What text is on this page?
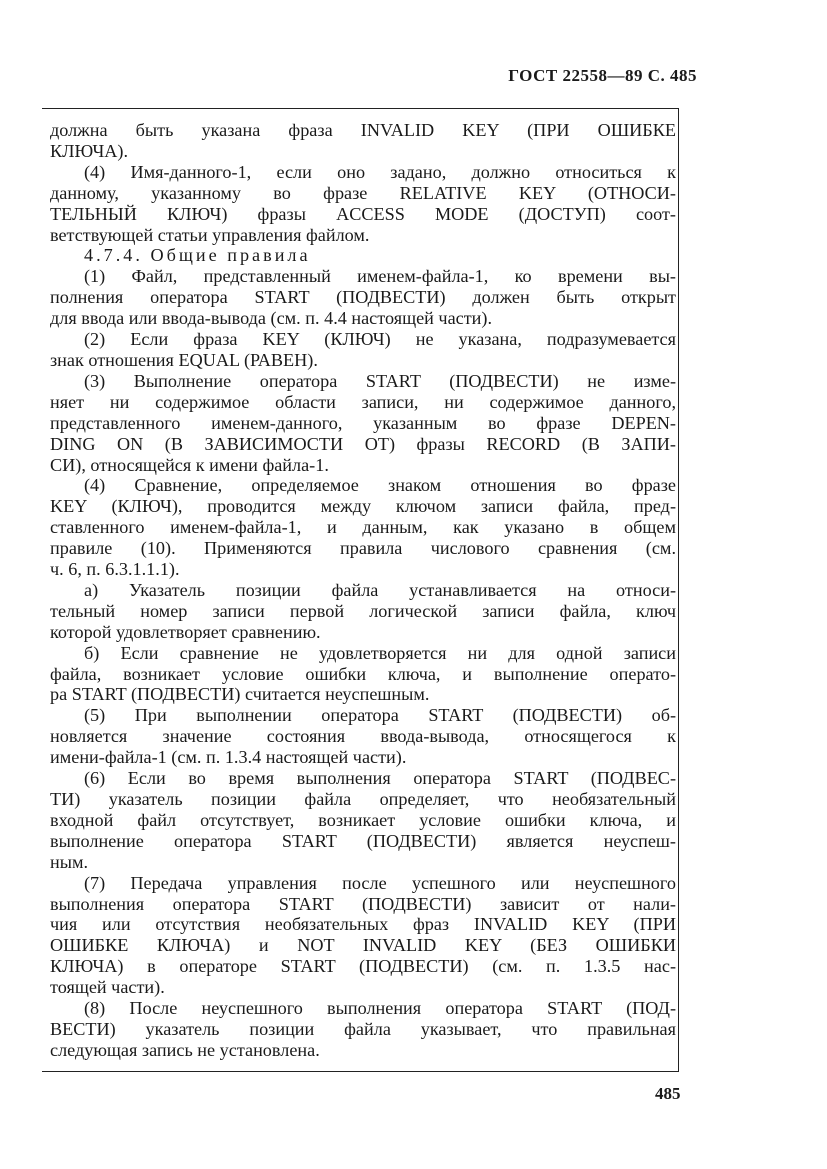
ГОСТ 22558—89 С. 485
должна быть указана фраза INVALID KEY (ПРИ ОШИБКЕ
КЛЮЧА).
(4) Имя-данного-1, если оно задано, должно относиться к
данному, указанному во фразе RELATIVE KEY (ОТНОСИ-
ТЕЛЬНЫЙ КЛЮЧ) фразы ACCESS MODE (ДОСТУП) соот-
ветствующей статьи управления файлом.
4.7.4. Общие правила
(1) Файл, представленный именем-файла-1, ко времени вы-
полнения оператора START (ПОДВЕСТИ) должен быть открыт
для ввода или ввода-вывода (см. п. 4.4 настоящей части).
(2) Если фраза KEY (КЛЮЧ) не указана, подразумевается
знак отношения EQUAL (РАВЕН).
(3) Выполнение оператора START (ПОДВЕСТИ) не изме-
няет ни содержимое области записи, ни содержимое данного,
представленного именем-данного, указанным во фразе DEPEN-
DING ON (В ЗАВИСИМОСТИ ОТ) фразы RECORD (В ЗАПИ-
СИ), относящейся к имени файла-1.
(4) Сравнение, определяемое знаком отношения во фразе
KEY (КЛЮЧ), проводится между ключом записи файла, пред-
ставленного именем-файла-1, и данным, как указано в общем
правиле (10). Применяются правила числового сравнения (см.
ч. 6, п. 6.3.1.1.1).
а) Указатель позиции файла устанавливается на относи-
тельный номер записи первой логической записи файла, ключ
которой удовлетворяет сравнению.
б) Если сравнение не удовлетворяется ни для одной записи
файла, возникает условие ошибки ключа, и выполнение операто-
ра START (ПОДВЕСТИ) считается неуспешным.
(5) При выполнении оператора START (ПОДВЕСТИ) об-
новляется значение состояния ввода-вывода, относящегося к
имени-файла-1 (см. п. 1.3.4 настоящей части).
(6) Если во время выполнения оператора START (ПОДВЕС-
ТИ) указатель позиции файла определяет, что необязательный
входной файл отсутствует, возникает условие ошибки ключа, и
выполнение оператора START (ПОДВЕСТИ) является неуспеш-
ным.
(7) Передача управления после успешного или неуспешного
выполнения оператора START (ПОДВЕСТИ) зависит от нали-
чия или отсутствия необязательных фраз INVALID KEY (ПРИ
ОШИБКЕ КЛЮЧА) и NOT INVALID KEY (БЕЗ ОШИБКИ
КЛЮЧА) в операторе START (ПОДВЕСТИ) (см. п. 1.3.5 нас-
тоящей части).
(8) После неуспешного выполнения оператора START (ПОД-
ВЕСТИ) указатель позиции файла указывает, что правильная
следующая запись не установлена.
485
